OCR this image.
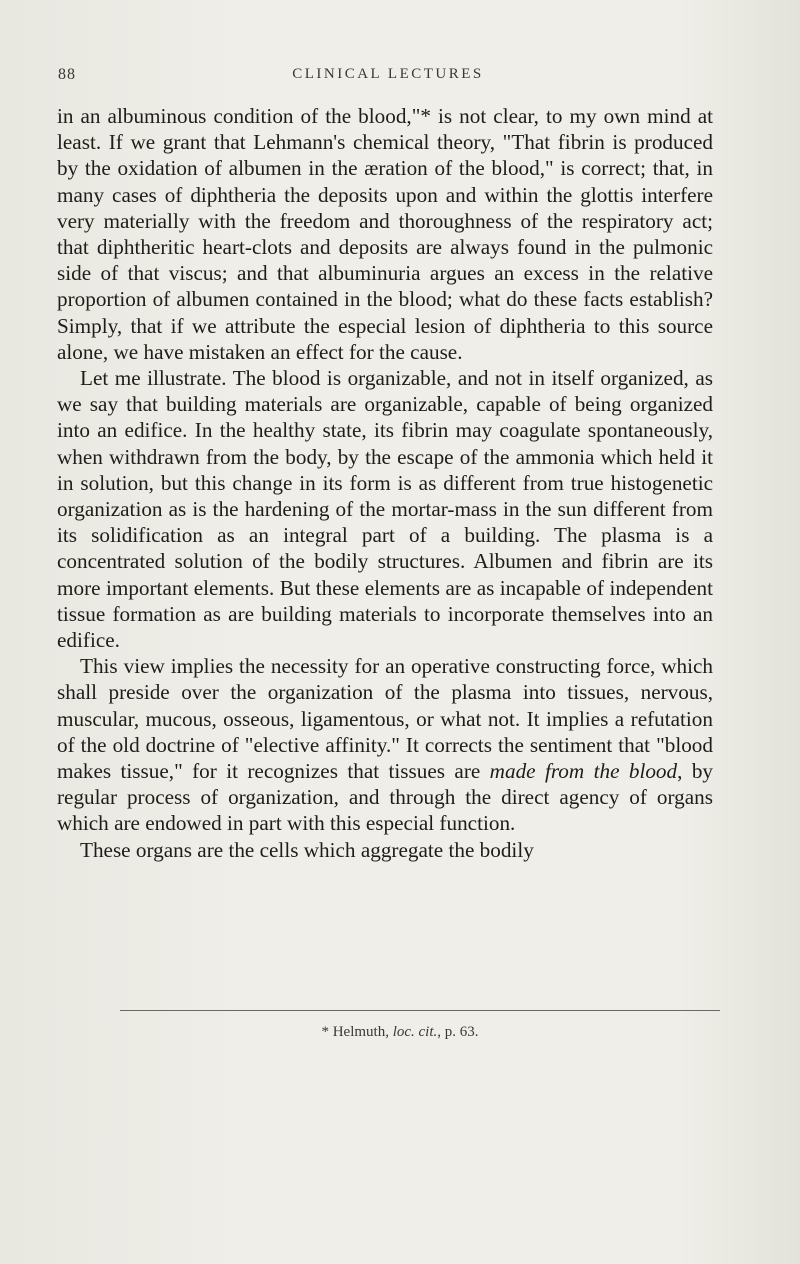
88	CLINICAL LECTURES

in an albuminous condition of the blood,"* is not clear, to my own mind at least. If we grant that Lehmann's chemical theory, "That fibrin is produced by the oxidation of albumen in the æration of the blood," is correct; that, in many cases of diphtheria the deposits upon and within the glottis interfere very materially with the freedom and thoroughness of the respiratory act; that diphtheritic heart-clots and deposits are always found in the pulmonic side of that viscus; and that albuminuria argues an excess in the relative proportion of albumen contained in the blood; what do these facts establish? Simply, that if we attribute the especial lesion of diphtheria to this source alone, we have mistaken an effect for the cause.

Let me illustrate. The blood is organizable, and not in itself organized, as we say that building materials are organizable, capable of being organized into an edifice. In the healthy state, its fibrin may coagulate spontaneously, when withdrawn from the body, by the escape of the ammonia which held it in solution, but this change in its form is as different from true histogenetic organization as is the hardening of the mortar-mass in the sun different from its solidification as an integral part of a building. The plasma is a concentrated solution of the bodily structures. Albumen and fibrin are its more important elements. But these elements are as incapable of independent tissue formation as are building materials to incorporate themselves into an edifice.

This view implies the necessity for an operative constructing force, which shall preside over the organization of the plasma into tissues, nervous, muscular, mucous, osseous, ligamentous, or what not. It implies a refutation of the old doctrine of "elective affinity." It corrects the sentiment that "blood makes tissue," for it recognizes that tissues are made from the blood, by regular process of organization, and through the direct agency of organs which are endowed in part with this especial function.

These organs are the cells which aggregate the bodily

* Helmuth, loc. cit., p. 63.
